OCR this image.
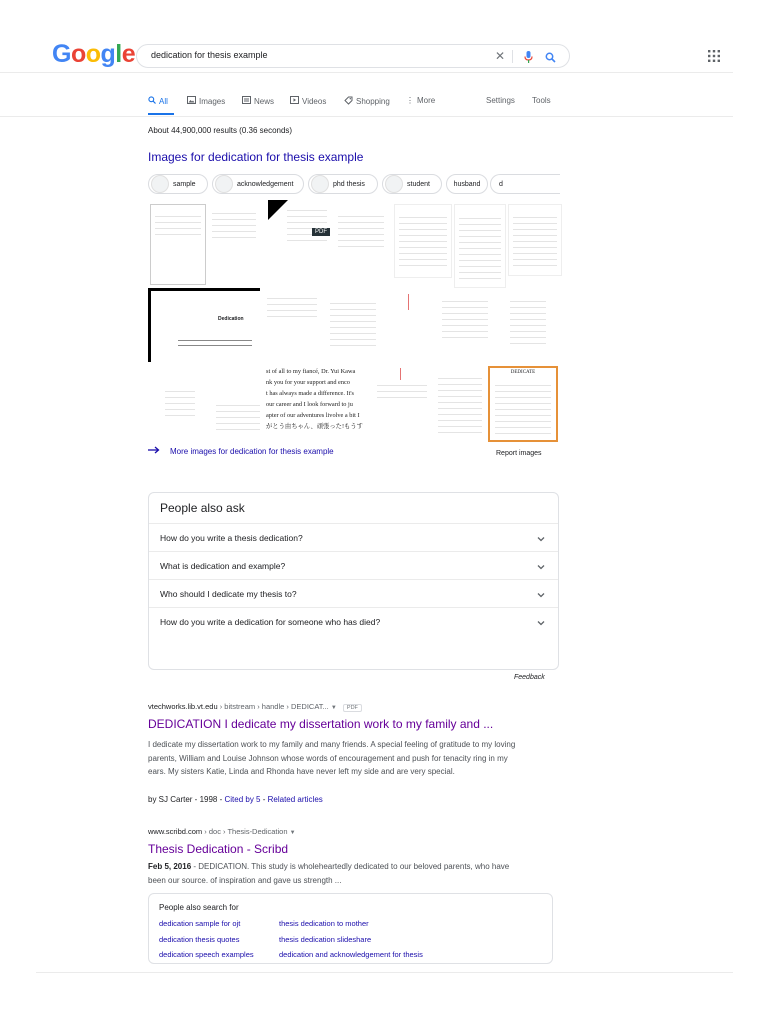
Google dedication for thesis example	✕
All	Images	News	Videos	Shopping ⋮ More	Settings Tools
About 44,900,000 results (0.36 seconds)
Images for dedication for thesis example
sample	acknowledgement	phd thesis	student	husband	d
PDF
Dedication
st of all to my fiancé, Dr. Yui Kawa
nk you for your support and enco
t has always made a difference. It's
our career and I look forward to ju
apter of our adventures livolve a bit I
がとう由ちゃん、頑張った!もうす
DEDICATE
More images for dedication for thesis example	Report images
People also ask
How do you write a thesis dedication?
What is dedication and example?
Who should I dedicate my thesis to?
How do you write a dedication for someone who has died?
Feedback
vtechworks.lib.vt.edu › bitstream › handle › DEDICAT... ▼ PDF
DEDICATION I dedicate my dissertation work to my family and ...
I dedicate my dissertation work to my family and many friends. A special feeling of gratitude to my loving parents, William and Louise Johnson whose words of encouragement and push for tenacity ring in my ears. My sisters Katie, Linda and Rhonda have never left my side and are very special.
by SJ Carter - 1998 - Cited by 5 - Related articles
www.scribd.com › doc › Thesis-Dedication ▼
Thesis Dedication - Scribd
Feb 5, 2016 - DEDICATION. This study is wholeheartedly dedicated to our beloved parents, who have been our source. of inspiration and gave us strength ...
People also search for
dedication sample for ojt	thesis dedication to mother
dedication thesis quotes	thesis dedication slideshare
dedication speech examples	dedication and acknowledgement for thesis
